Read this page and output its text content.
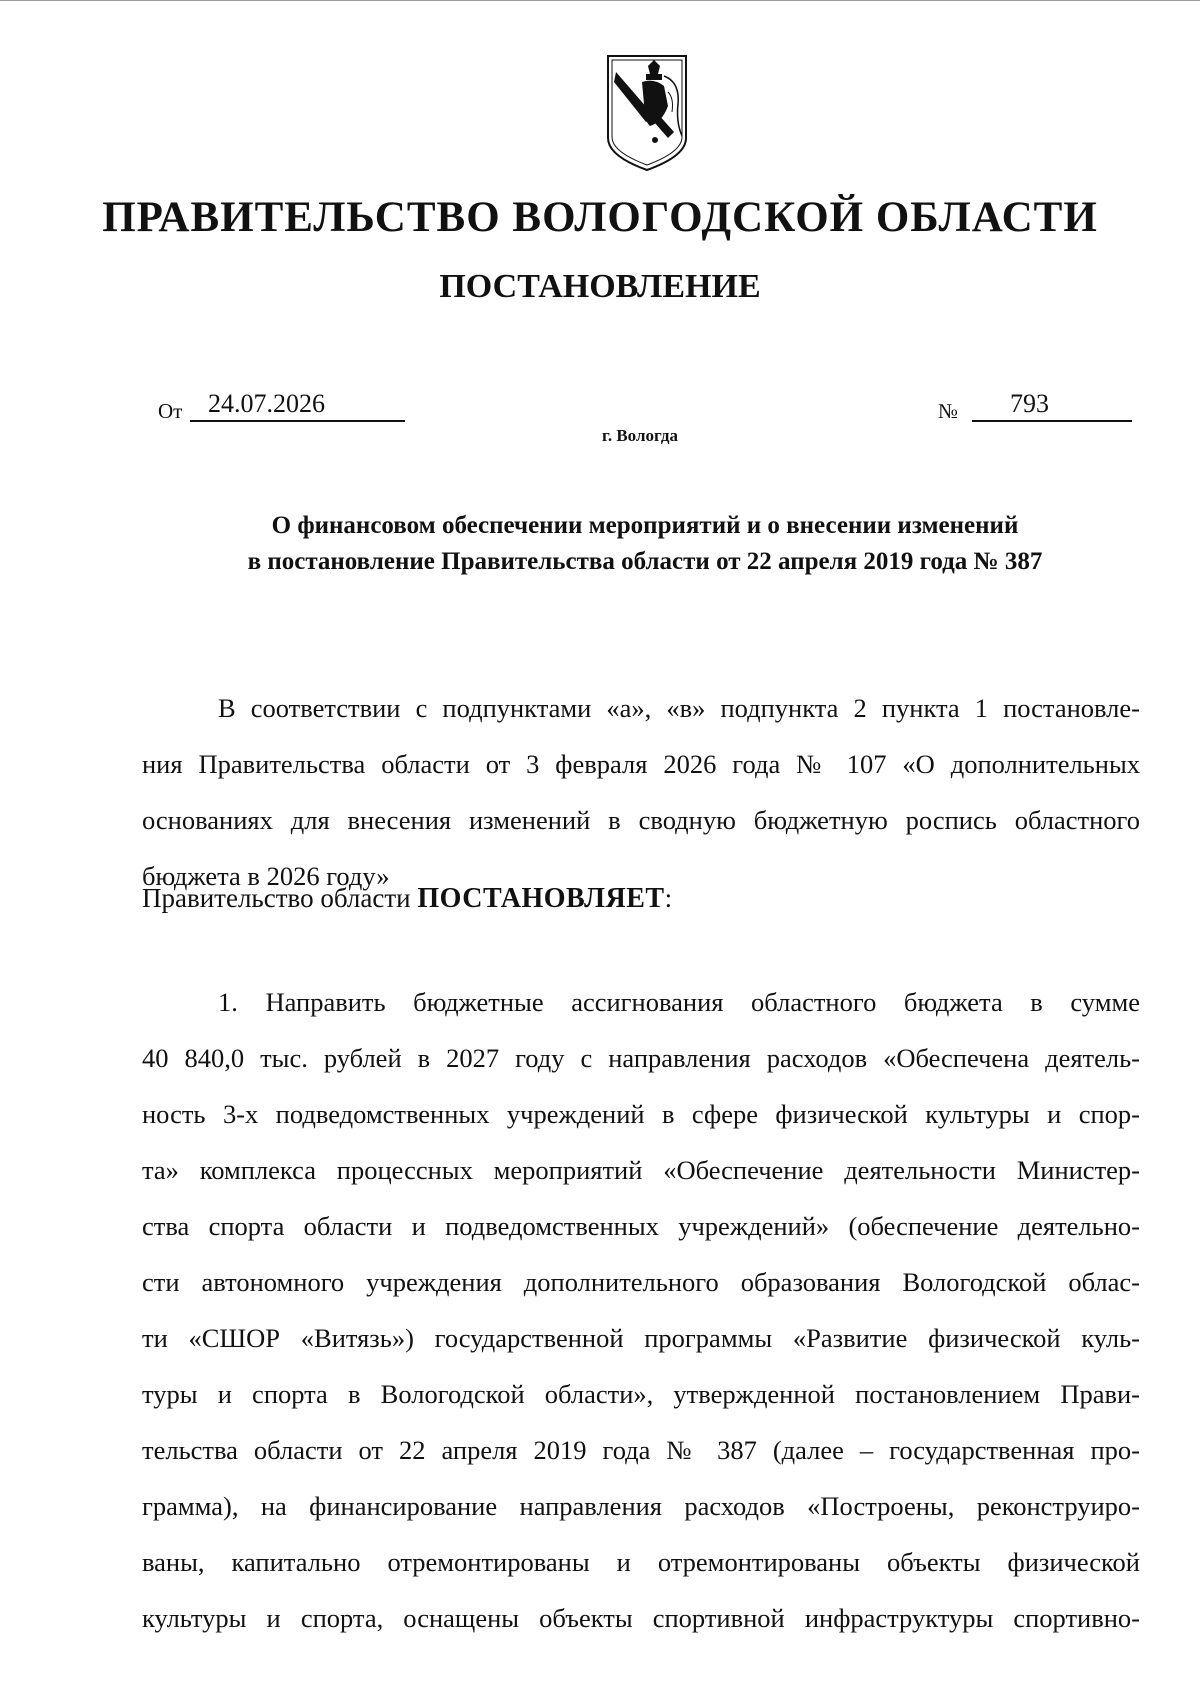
ПРАВИТЕЛЬСТВО ВОЛОГОДСКОЙ ОБЛАСТИ
ПОСТАНОВЛЕНИЕ
От 24.07.2026	№ 793
г. Вологда
О финансовом обеспечении мероприятий и о внесении изменений
в постановление Правительства области от 22 апреля 2019 года № 387
В соответствии с подпунктами «а», «в» подпункта 2 пункта 1 постановле-
ния Правительства области от 3 февраля 2026 года № 107 «О дополнительных
основаниях для внесения изменений в сводную бюджетную роспись областного
бюджета в 2026 году»
Правительство области ПОСТАНОВЛЯЕТ:
1. Направить бюджетные ассигнования областного бюджета в сумме
40 840,0 тыс. рублей в 2027 году с направления расходов «Обеспечена деятель-
ность 3-х подведомственных учреждений в сфере физической культуры и спор-
та» комплекса процессных мероприятий «Обеспечение деятельности Министер-
ства спорта области и подведомственных учреждений» (обеспечение деятельно-
сти автономного учреждения дополнительного образования Вологодской облас-
ти «СШОР «Витязь») государственной программы «Развитие физической куль-
туры и спорта в Вологодской области», утвержденной постановлением Прави-
тельства области от 22 апреля 2019 года № 387 (далее – государственная про-
грамма), на финансирование направления расходов «Построены, реконструиро-
ваны, капитально отремонтированы и отремонтированы объекты физической
культуры и спорта, оснащены объекты спортивной инфраструктуры спортивно-
